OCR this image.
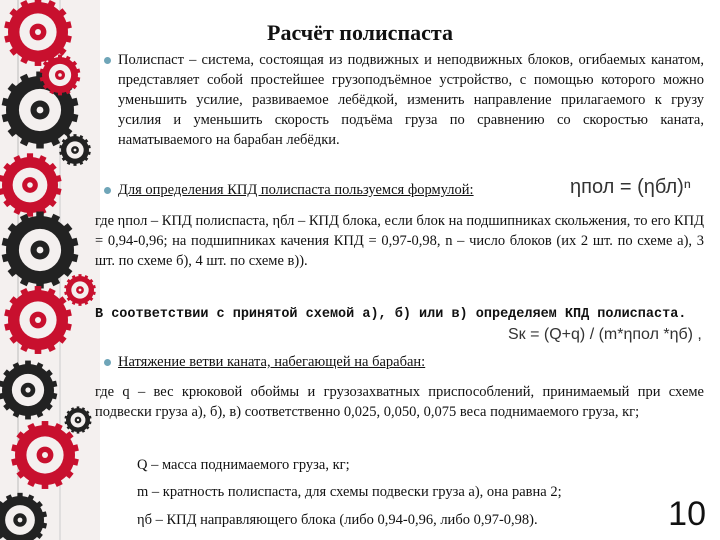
Расчёт полиспаста
Полиспаст – система, состоящая из подвижных и неподвижных блоков, огибаемых канатом, представляет собой простейшее грузоподъёмное устройство, с помощью которого можно уменьшить усилие, развиваемое лебёдкой, изменить направление прилагаемого к грузу усилия и уменьшить скорость подъёма груза по сравнению со скоростью каната, наматываемого на барабан лебёдки.
Для определения КПД полиспаста пользуемся формулой:	ηпол = (ηбл)ⁿ
где ηпол – КПД полиспаста, ηбл – КПД блока, если блок на подшипниках скольжения, то его КПД = 0,94-0,96; на подшипниках качения КПД = 0,97-0,98, n – число блоков (их 2 шт. по схеме а), 3 шт. по схеме б), 4 шт. по схеме в)).
В соответствии с принятой схемой а), б) или в) определяем КПД полиспаста.
Натяжение ветви каната, набегающей на барабан:
Sк = (Q+q) / (m*ηпол *ηб) ,
где q – вес крюковой обоймы и грузозахватных приспособлений, принимаемый при схеме подвески груза а), б), в) соответственно 0,025, 0,050, 0,075 веса поднимаемого груза, кг;
Q – масса поднимаемого груза, кг;
m – кратность полиспаста, для схемы подвески груза а), она равна 2;
ηб – КПД направляющего блока (либо 0,94-0,96, либо 0,97-0,98).	10
